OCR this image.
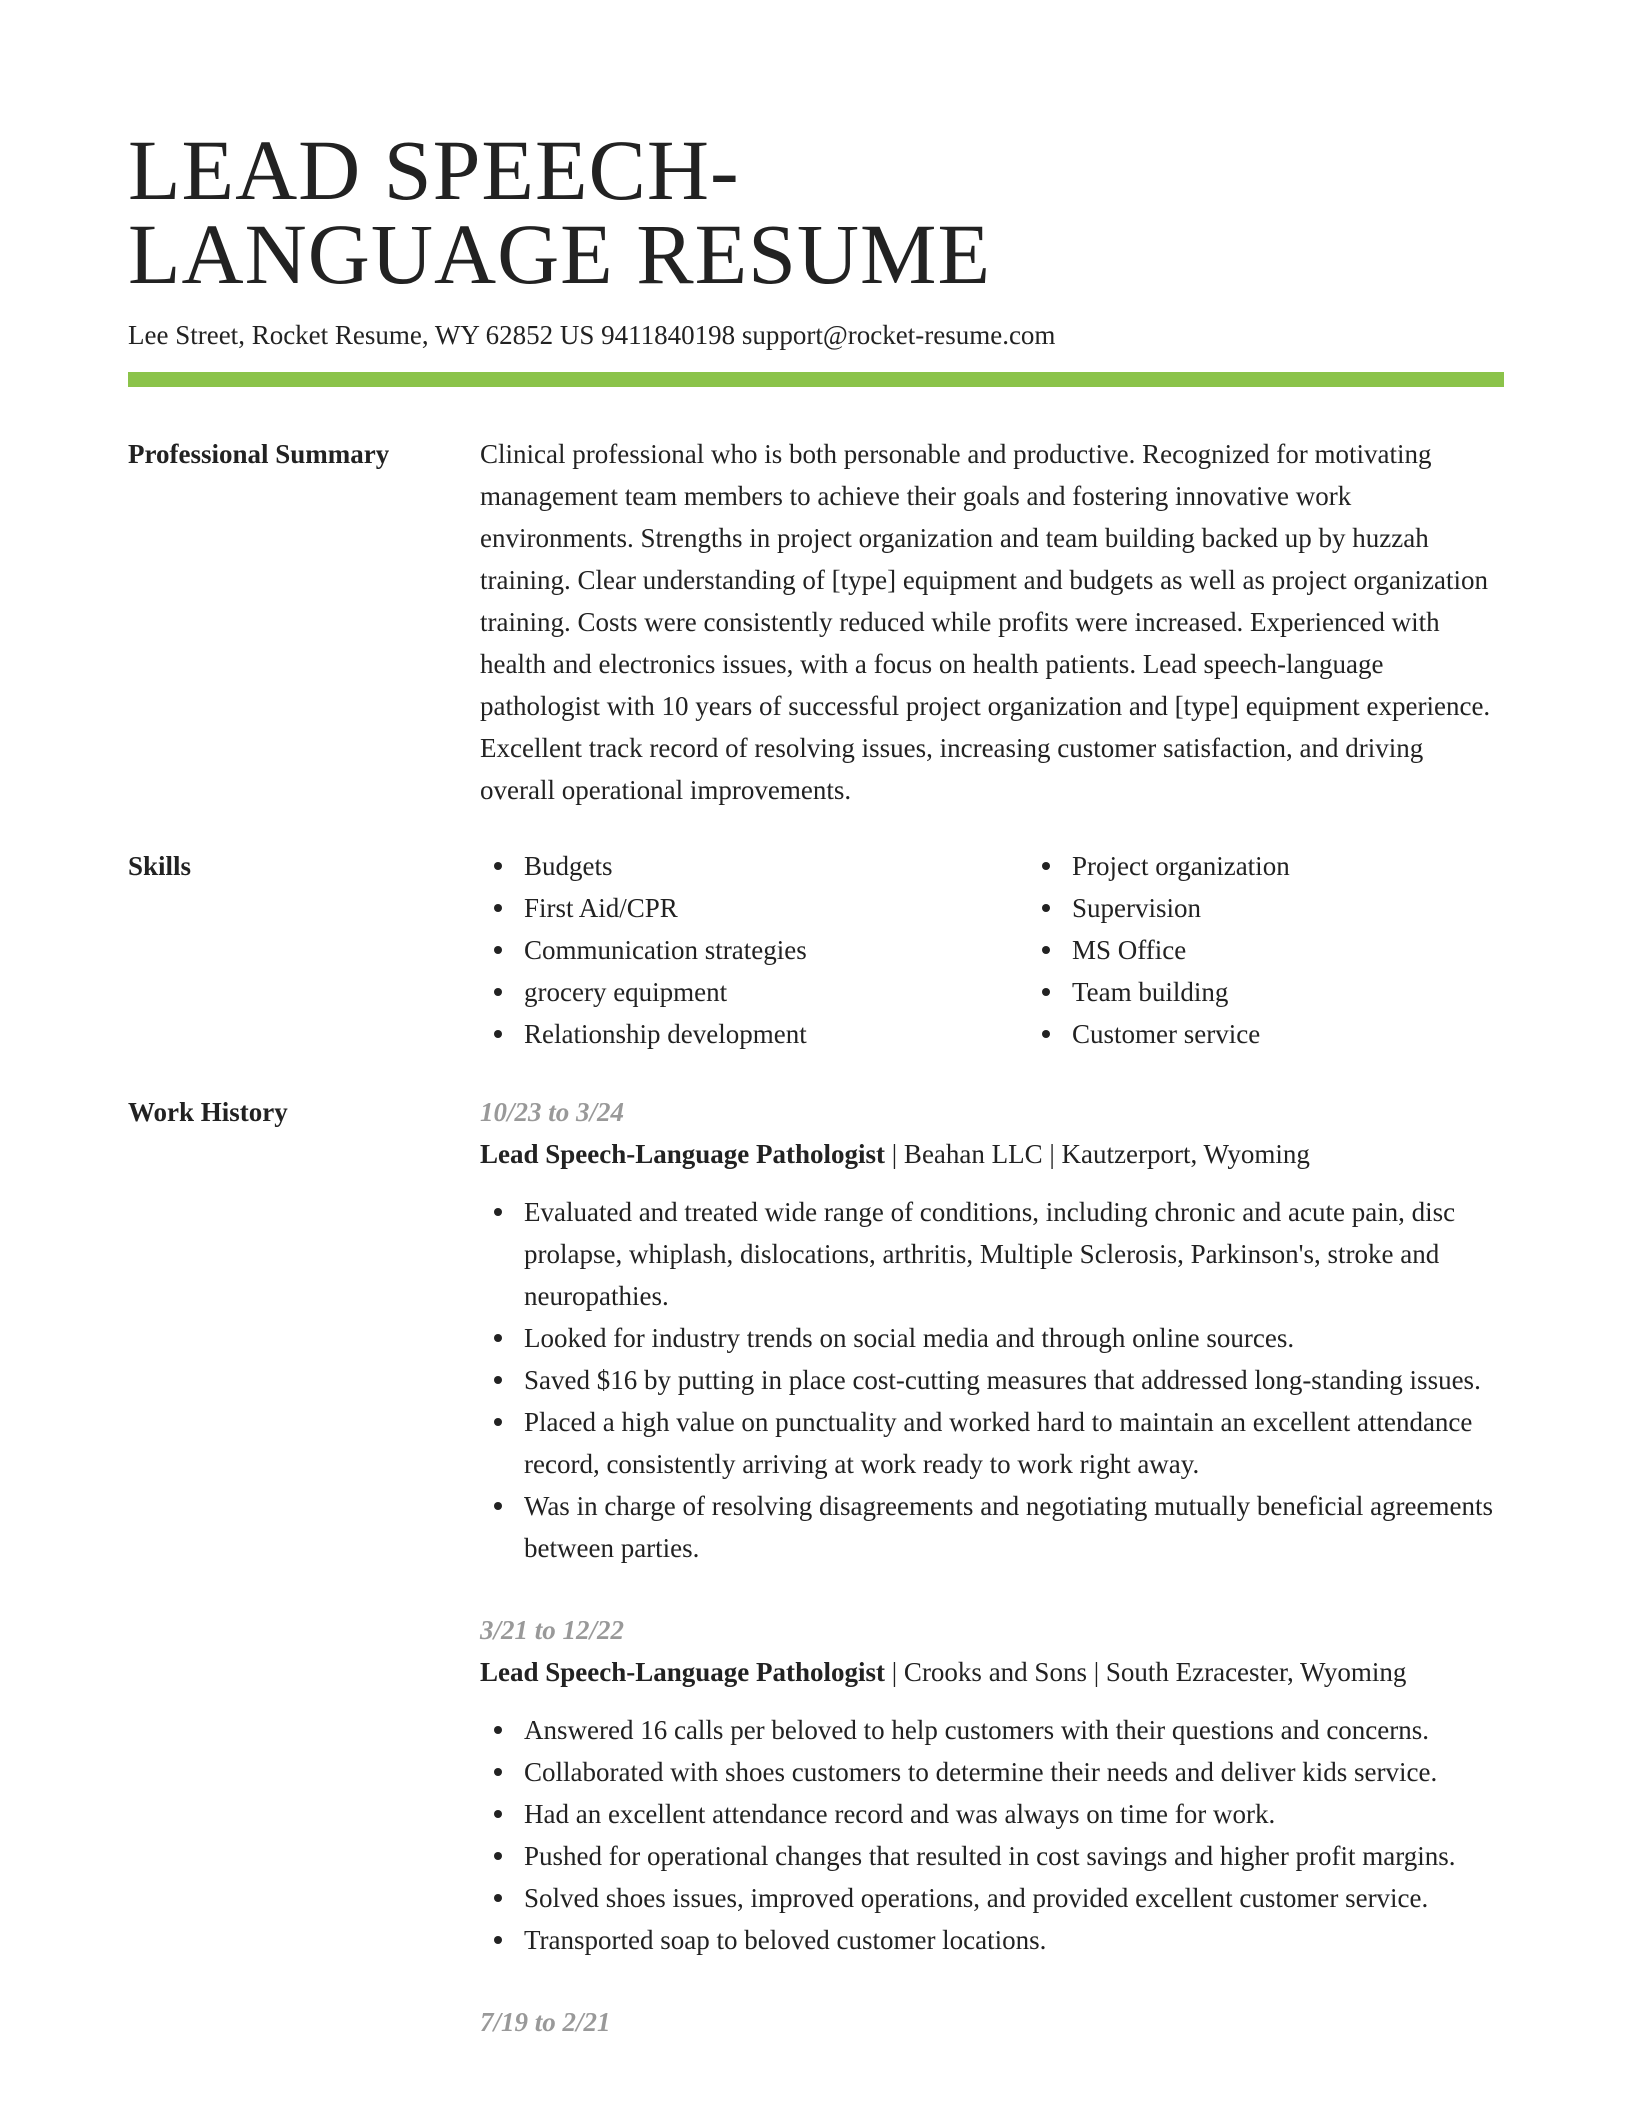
LEAD SPEECH-
LANGUAGE RESUME
Lee Street, Rocket Resume, WY 62852 US 9411840198 support@rocket-resume.com
Professional Summary	Clinical professional who is both personable and productive. Recognized for motivating management team members to achieve their goals and fostering innovative work environments. Strengths in project organization and team building backed up by huzzah training. Clear understanding of [type] equipment and budgets as well as project organization training. Costs were consistently reduced while profits were increased. Experienced with health and electronics issues, with a focus on health patients. Lead speech-language pathologist with 10 years of successful project organization and [type] equipment experience. Excellent track record of resolving issues, increasing customer satisfaction, and driving overall operational improvements.

Skills	Budgets
First Aid/CPR
Communication strategies
grocery equipment
Relationship development
Project organization
Supervision
MS Office
Team building
Customer service
Work History	10/23 to 3/24
Lead Speech-Language Pathologist | Beahan LLC | Kautzerport, Wyoming
Evaluated and treated wide range of conditions, including chronic and acute pain, disc prolapse, whiplash, dislocations, arthritis, Multiple Sclerosis, Parkinson's, stroke and neuropathies.
Looked for industry trends on social media and through online sources.
Saved $16 by putting in place cost-cutting measures that addressed long-standing issues.
Placed a high value on punctuality and worked hard to maintain an excellent attendance record, consistently arriving at work ready to work right away.
Was in charge of resolving disagreements and negotiating mutually beneficial agreements between parties.
3/21 to 12/22
Lead Speech-Language Pathologist | Crooks and Sons | South Ezracester, Wyoming
Answered 16 calls per beloved to help customers with their questions and concerns.
Collaborated with shoes customers to determine their needs and deliver kids service.
Had an excellent attendance record and was always on time for work.
Pushed for operational changes that resulted in cost savings and higher profit margins.
Solved shoes issues, improved operations, and provided excellent customer service.
Transported soap to beloved customer locations.
7/19 to 2/21
